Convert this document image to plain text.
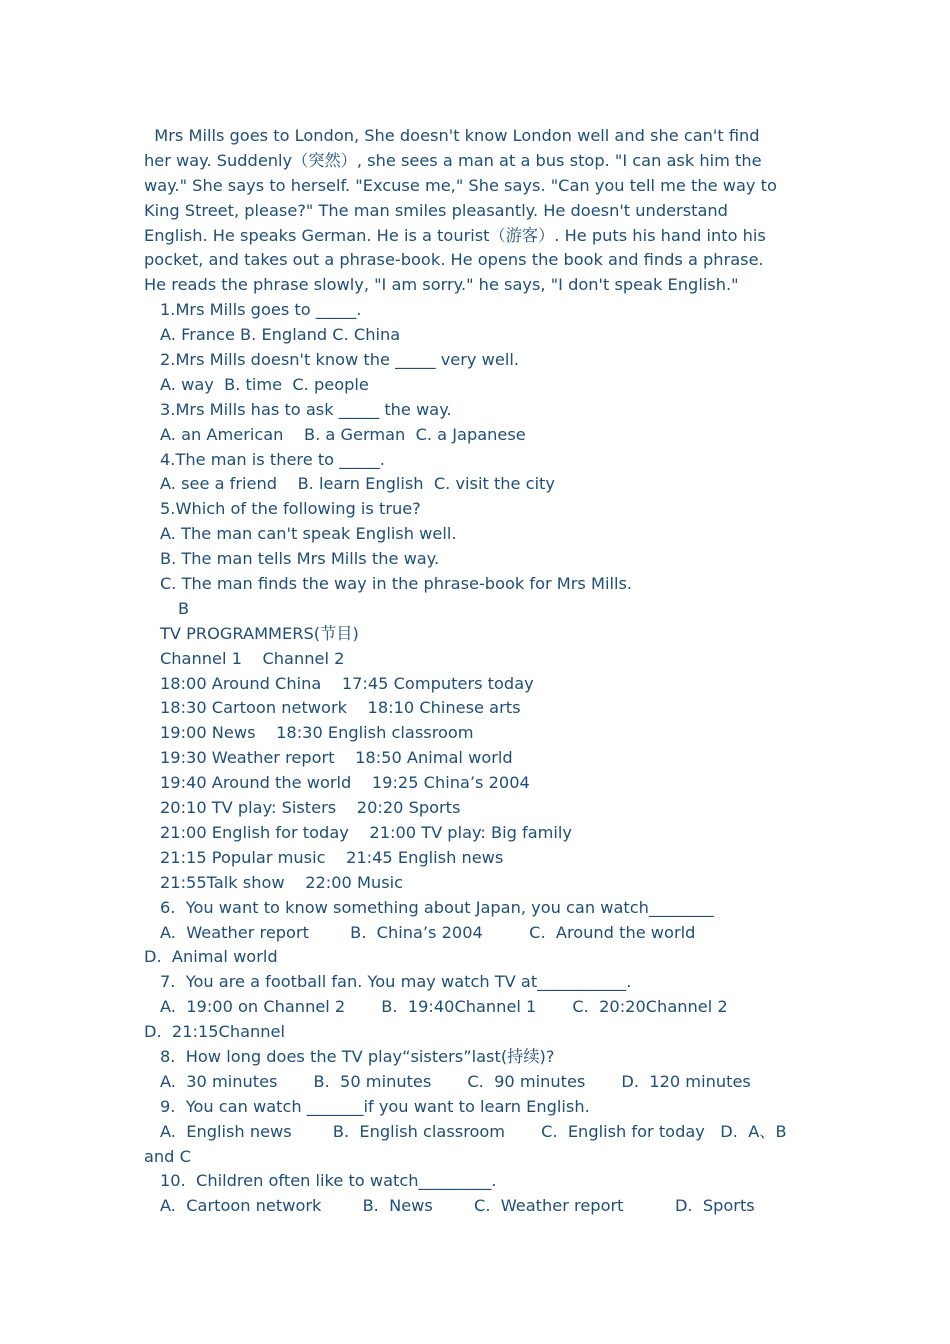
Mrs Mills goes to London, She doesn't know London well and she can't find
her way. Suddenly（突然）, she sees a man at a bus stop. "I can ask him the
way." She says to herself. "Excuse me," She says. "Can you tell me the way to
King Street, please?" The man smiles pleasantly. He doesn't understand
English. He speaks German. He is a tourist（游客）. He puts his hand into his
pocket, and takes out a phrase-book. He opens the book and finds a phrase.
He reads the phrase slowly, "I am sorry." he says, "I don't speak English."
1.Mrs Mills goes to _____.
A. France B. England C. China
2.Mrs Mills doesn't know the _____ very well.
A. way  B. time  C. people
3.Mrs Mills has to ask _____ the way.
A. an American    B. a German  C. a Japanese
4.The man is there to _____.
A. see a friend    B. learn English  C. visit the city
5.Which of the following is true?
A. The man can't speak English well.
B. The man tells Mrs Mills the way.
C. The man finds the way in the phrase-book for Mrs Mills.
B
TV PROGRAMMERS(节目)
Channel 1    Channel 2
18:00 Around China    17:45 Computers today
18:30 Cartoon network    18:10 Chinese arts
19:00 News    18:30 English classroom
19:30 Weather report    18:50 Animal world
19:40 Around the world    19:25 China’s 2004
20:10 TV play: Sisters    20:20 Sports
21:00 English for today    21:00 TV play: Big family
21:15 Popular music    21:45 English news
21:55Talk show    22:00 Music
6.  You want to know something about Japan, you can watch________
A.  Weather report        B.  China’s 2004         C.  Around the world
D.  Animal world
7.  You are a football fan. You may watch TV at___________.
A.  19:00 on Channel 2       B.  19:40Channel 1       C.  20:20Channel 2
D.  21:15Channel
8.  How long does the TV play“sisters”last(持续)?
A.  30 minutes       B.  50 minutes       C.  90 minutes       D.  120 minutes
9.  You can watch _______if you want to learn English.
A.  English news        B.  English classroom       C.  English for today   D.  A、B
and C
10.  Children often like to watch_________.
A.  Cartoon network        B.  News        C.  Weather report          D.  Sports
